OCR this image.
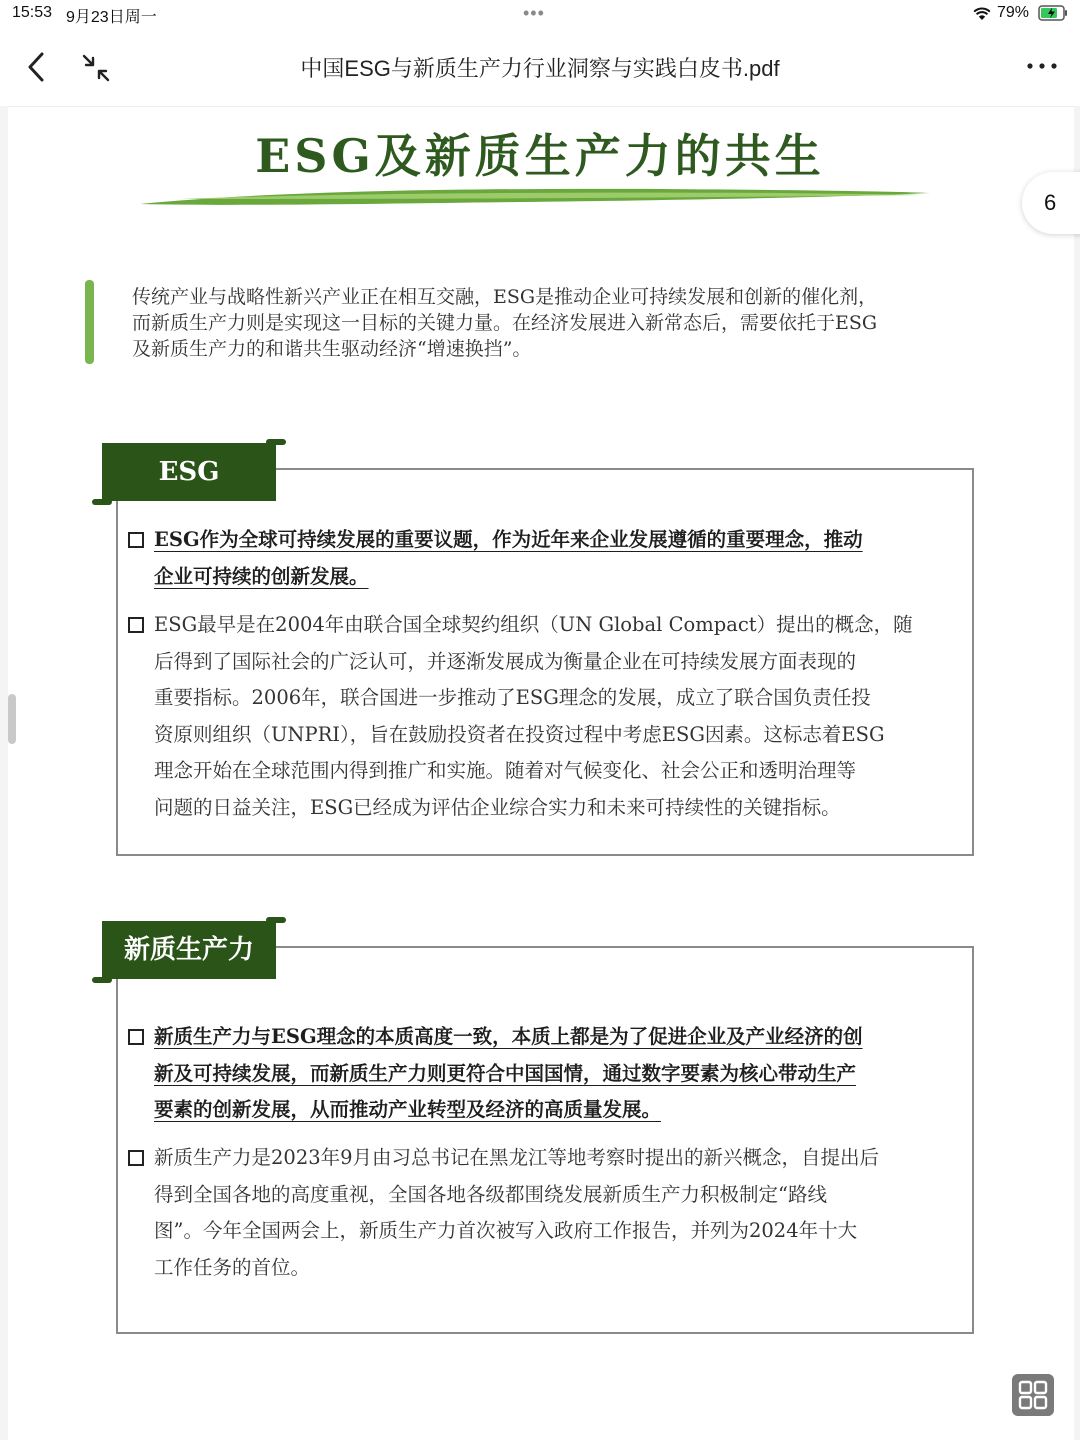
15:53 9月23日周一	•••	79%
中国ESG与新质生产力行业洞察与实践白皮书.pdf
ESG及新质生产力的共生
6
传统产业与战略性新兴产业正在相互交融，ESG是推动企业可持续发展和创新的催化剂，
而新质生产力则是实现这一目标的关键力量。在经济发展进入新常态后，需要依托于ESG
及新质生产力的和谐共生驱动经济“增速换挡”。
ESG
ESG作为全球可持续发展的重要议题，作为近年来企业发展遵循的重要理念，推动
企业可持续的创新发展。
ESG最早是在2004年由联合国全球契约组织（UN Global Compact）提出的概念，随
后得到了国际社会的广泛认可，并逐渐发展成为衡量企业在可持续发展方面表现的
重要指标。2006年，联合国进一步推动了ESG理念的发展，成立了联合国负责任投
资原则组织（UNPRI），旨在鼓励投资者在投资过程中考虑ESG因素。这标志着ESG
理念开始在全球范围内得到推广和实施。随着对气候变化、社会公正和透明治理等
问题的日益关注，ESG已经成为评估企业综合实力和未来可持续性的关键指标。
新质生产力
新质生产力与ESG理念的本质高度一致，本质上都是为了促进企业及产业经济的创
新及可持续发展，而新质生产力则更符合中国国情，通过数字要素为核心带动生产
要素的创新发展，从而推动产业转型及经济的高质量发展。
新质生产力是2023年9月由习总书记在黑龙江等地考察时提出的新兴概念，自提出后
得到全国各地的高度重视，全国各地各级都围绕发展新质生产力积极制定“路线
图”。今年全国两会上，新质生产力首次被写入政府工作报告，并列为2024年十大
工作任务的首位。
